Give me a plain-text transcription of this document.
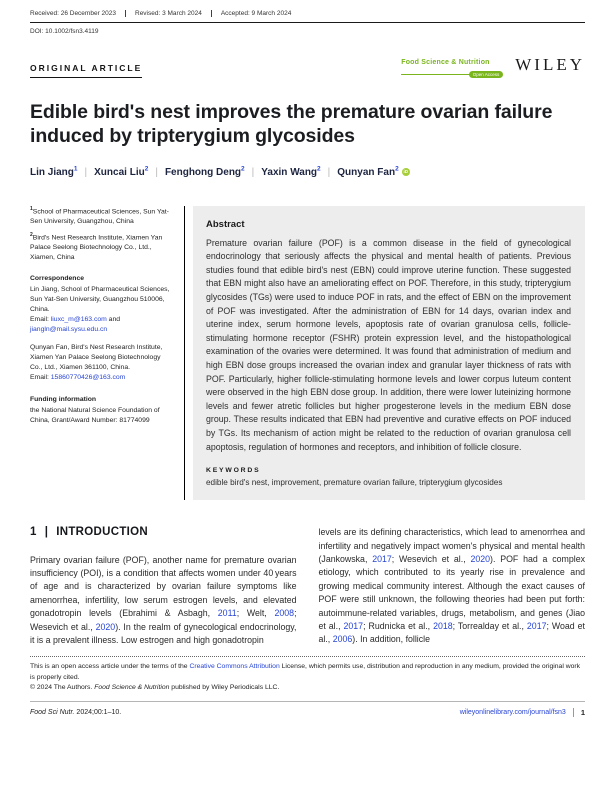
Received: 26 December 2023	Revised: 3 March 2024	Accepted: 9 March 2024
DOI: 10.1002/fsn3.4119
ORIGINAL ARTICLE
Food Science & Nutrition
Open Access
WILEY
Edible bird's nest improves the premature ovarian failure induced by tripterygium glycosides
Lin Jiang$^1$ | Xuncai Liu$^2$ | Fenghong Deng$^2$ | Yaxin Wang$^2$ | Qunyan Fan$^2$ iD
$^1$School of Pharmaceutical Sciences, Sun Yat-Sen University, Guangzhou, China
$^2$Bird's Nest Research Institute, Xiamen Yan Palace Seelong Biotechnology Co., Ltd., Xiamen, China
Correspondence
Lin Jiang, School of Pharmaceutical Sciences, Sun Yat-Sen University, Guangzhou 510006, China.
Email: liuxc_m@163.com and jiangln@mail.sysu.edu.cn
Qunyan Fan, Bird's Nest Research Institute, Xiamen Yan Palace Seelong Biotechnology Co., Ltd., Xiamen 361100, China.
Email: 15860770426@163.com
Funding information
the National Natural Science Foundation of China, Grant/Award Number: 81774099
Abstract
Premature ovarian failure (POF) is a common disease in the field of gynecological endocrinology that seriously affects the physical and mental health of patients. Previous studies found that edible bird's nest (EBN) could improve uterine function. These suggested that EBN might also have an ameliorating effect on POF. Therefore, in this study, tripterygium glycosides (TGs) were used to induce POF in rats, and the effect of EBN on the improvement of POF was investigated. After the administration of EBN for 14 days, ovarian index and uterine index, serum hormone levels, apoptosis rate of ovarian granulosa cells, follicle-stimulating hormone receptor (FSHR) protein expression level, and the histopathological examination of the ovaries were determined. It was found that administration of medium and high EBN dose groups increased the ovarian index and granular layer thickness of rats with POF. Particularly, higher follicle-stimulating hormone levels and lower corpus luteum content were observed in the high EBN dose group. In addition, there were lower luteinizing hormone levels and fewer atretic follicles but higher progesterone levels in the medium EBN dose group. These results indicated that EBN had preventive and curative effects on POF induced by TGs. Its mechanism of action might be related to the reduction of ovarian granulosa cell apoptosis, regulation of hormones and receptors, and inhibition of follicle closure.
KEYWORDS
edible bird's nest, improvement, premature ovarian failure, tripterygium glycosides
1 | INTRODUCTION

Primary ovarian failure (POF), another name for premature ovarian insufficiency (POI), is a condition that affects women under 40 years of age and is characterized by ovarian failure symptoms like amenorrhea, infertility, low serum estrogen levels, and elevated gonadotropin levels (Ebrahimi & Asbagh, 2011; Welt, 2008; Wesevich et al., 2020). In the realm of gynecological endocrinology, it is a prevalent illness. Low estrogen and high gonadotropin

levels are its defining characteristics, which lead to amenorrhea and infertility and negatively impact women's physical and mental health (Jankowska, 2017; Wesevich et al., 2020). POF had a complex etiology, which contributed to its yearly rise in prevalence and growing medical community interest. Although the exact causes of POF were still unknown, the following theories had been put forth: autoimmune-related variables, drugs, metabolism, and genes (Jiao et al., 2017; Rudnicka et al., 2018; Torrealday et al., 2017; Woad et al., 2006). In addition, follicle

This is an open access article under the terms of the Creative Commons Attribution License, which permits use, distribution and reproduction in any medium, provided the original work is properly cited.
© 2024 The Authors. Food Science & Nutrition published by Wiley Periodicals LLC.
Food Sci Nutr. 2024;00:1–10.	wileyonlinelibrary.com/journal/fsn3 1
